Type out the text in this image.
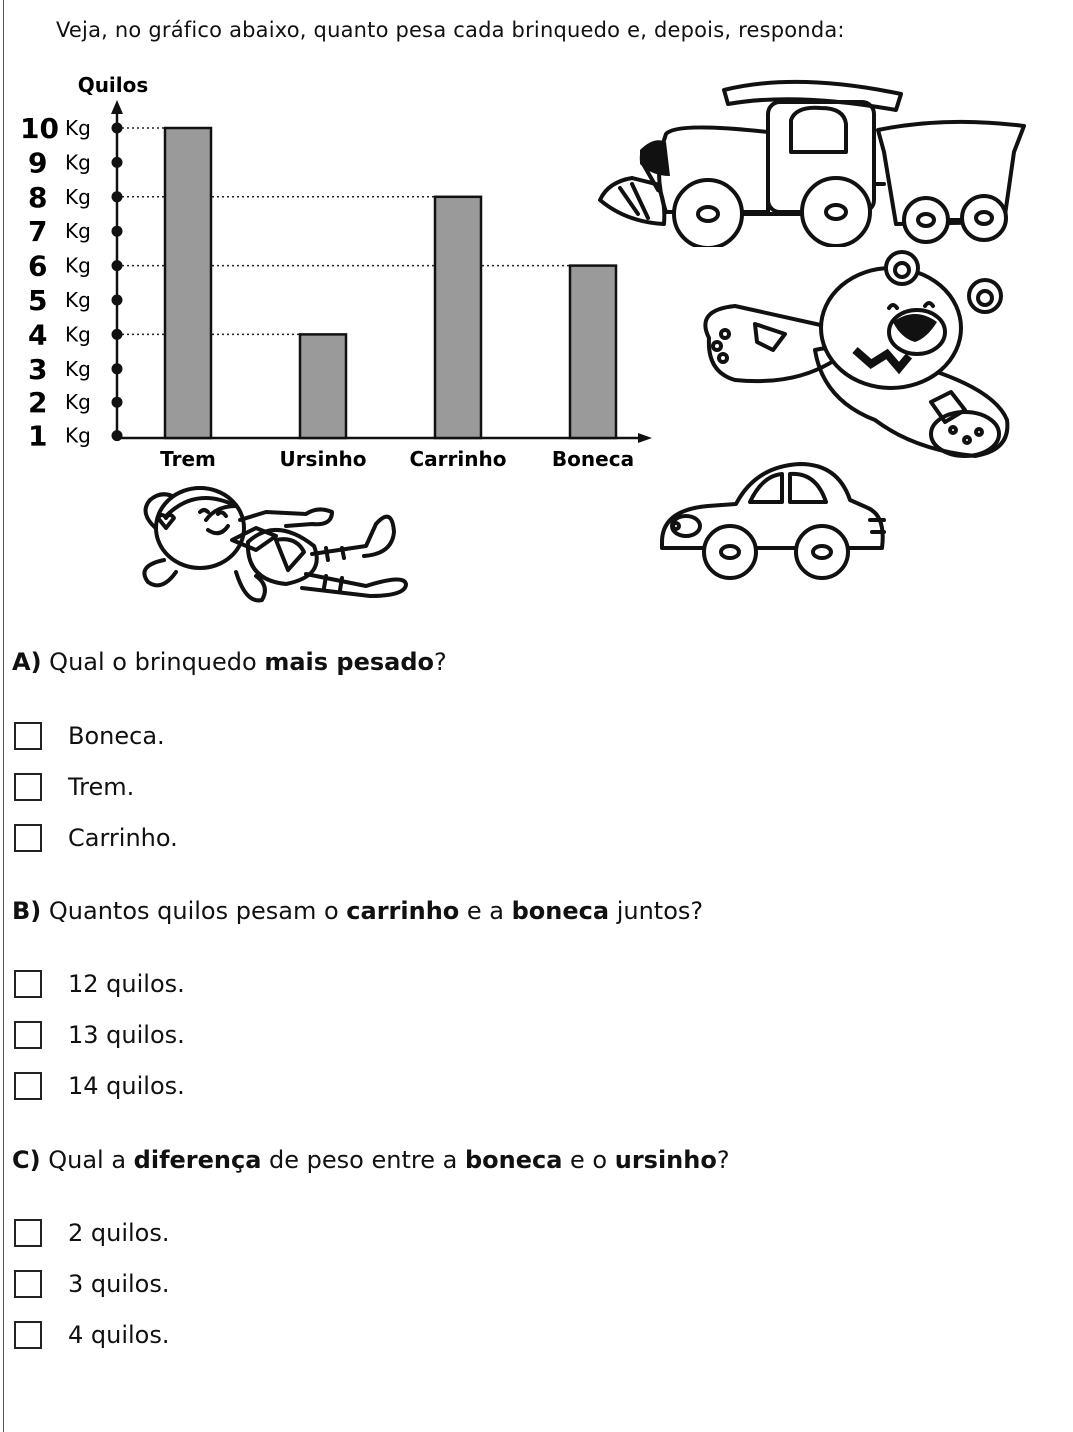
Veja, no gráfico abaixo, quanto pesa cada brinquedo e, depois, responda:
Quilos
10 Kg
9 Kg
8 Kg
7 Kg
6 Kg
5 Kg
4 Kg
3 Kg
2 Kg
1 Kg
Trem	Ursinho Carrinho Boneca
A) Qual o brinquedo mais pesado?
Boneca.
Trem.
Carrinho.
B) Quantos quilos pesam o carrinho e a boneca juntos?
12 quilos.
13 quilos.
14 quilos.
C) Qual a diferença de peso entre a boneca e o ursinho?
2 quilos.
3 quilos.
4 quilos.
